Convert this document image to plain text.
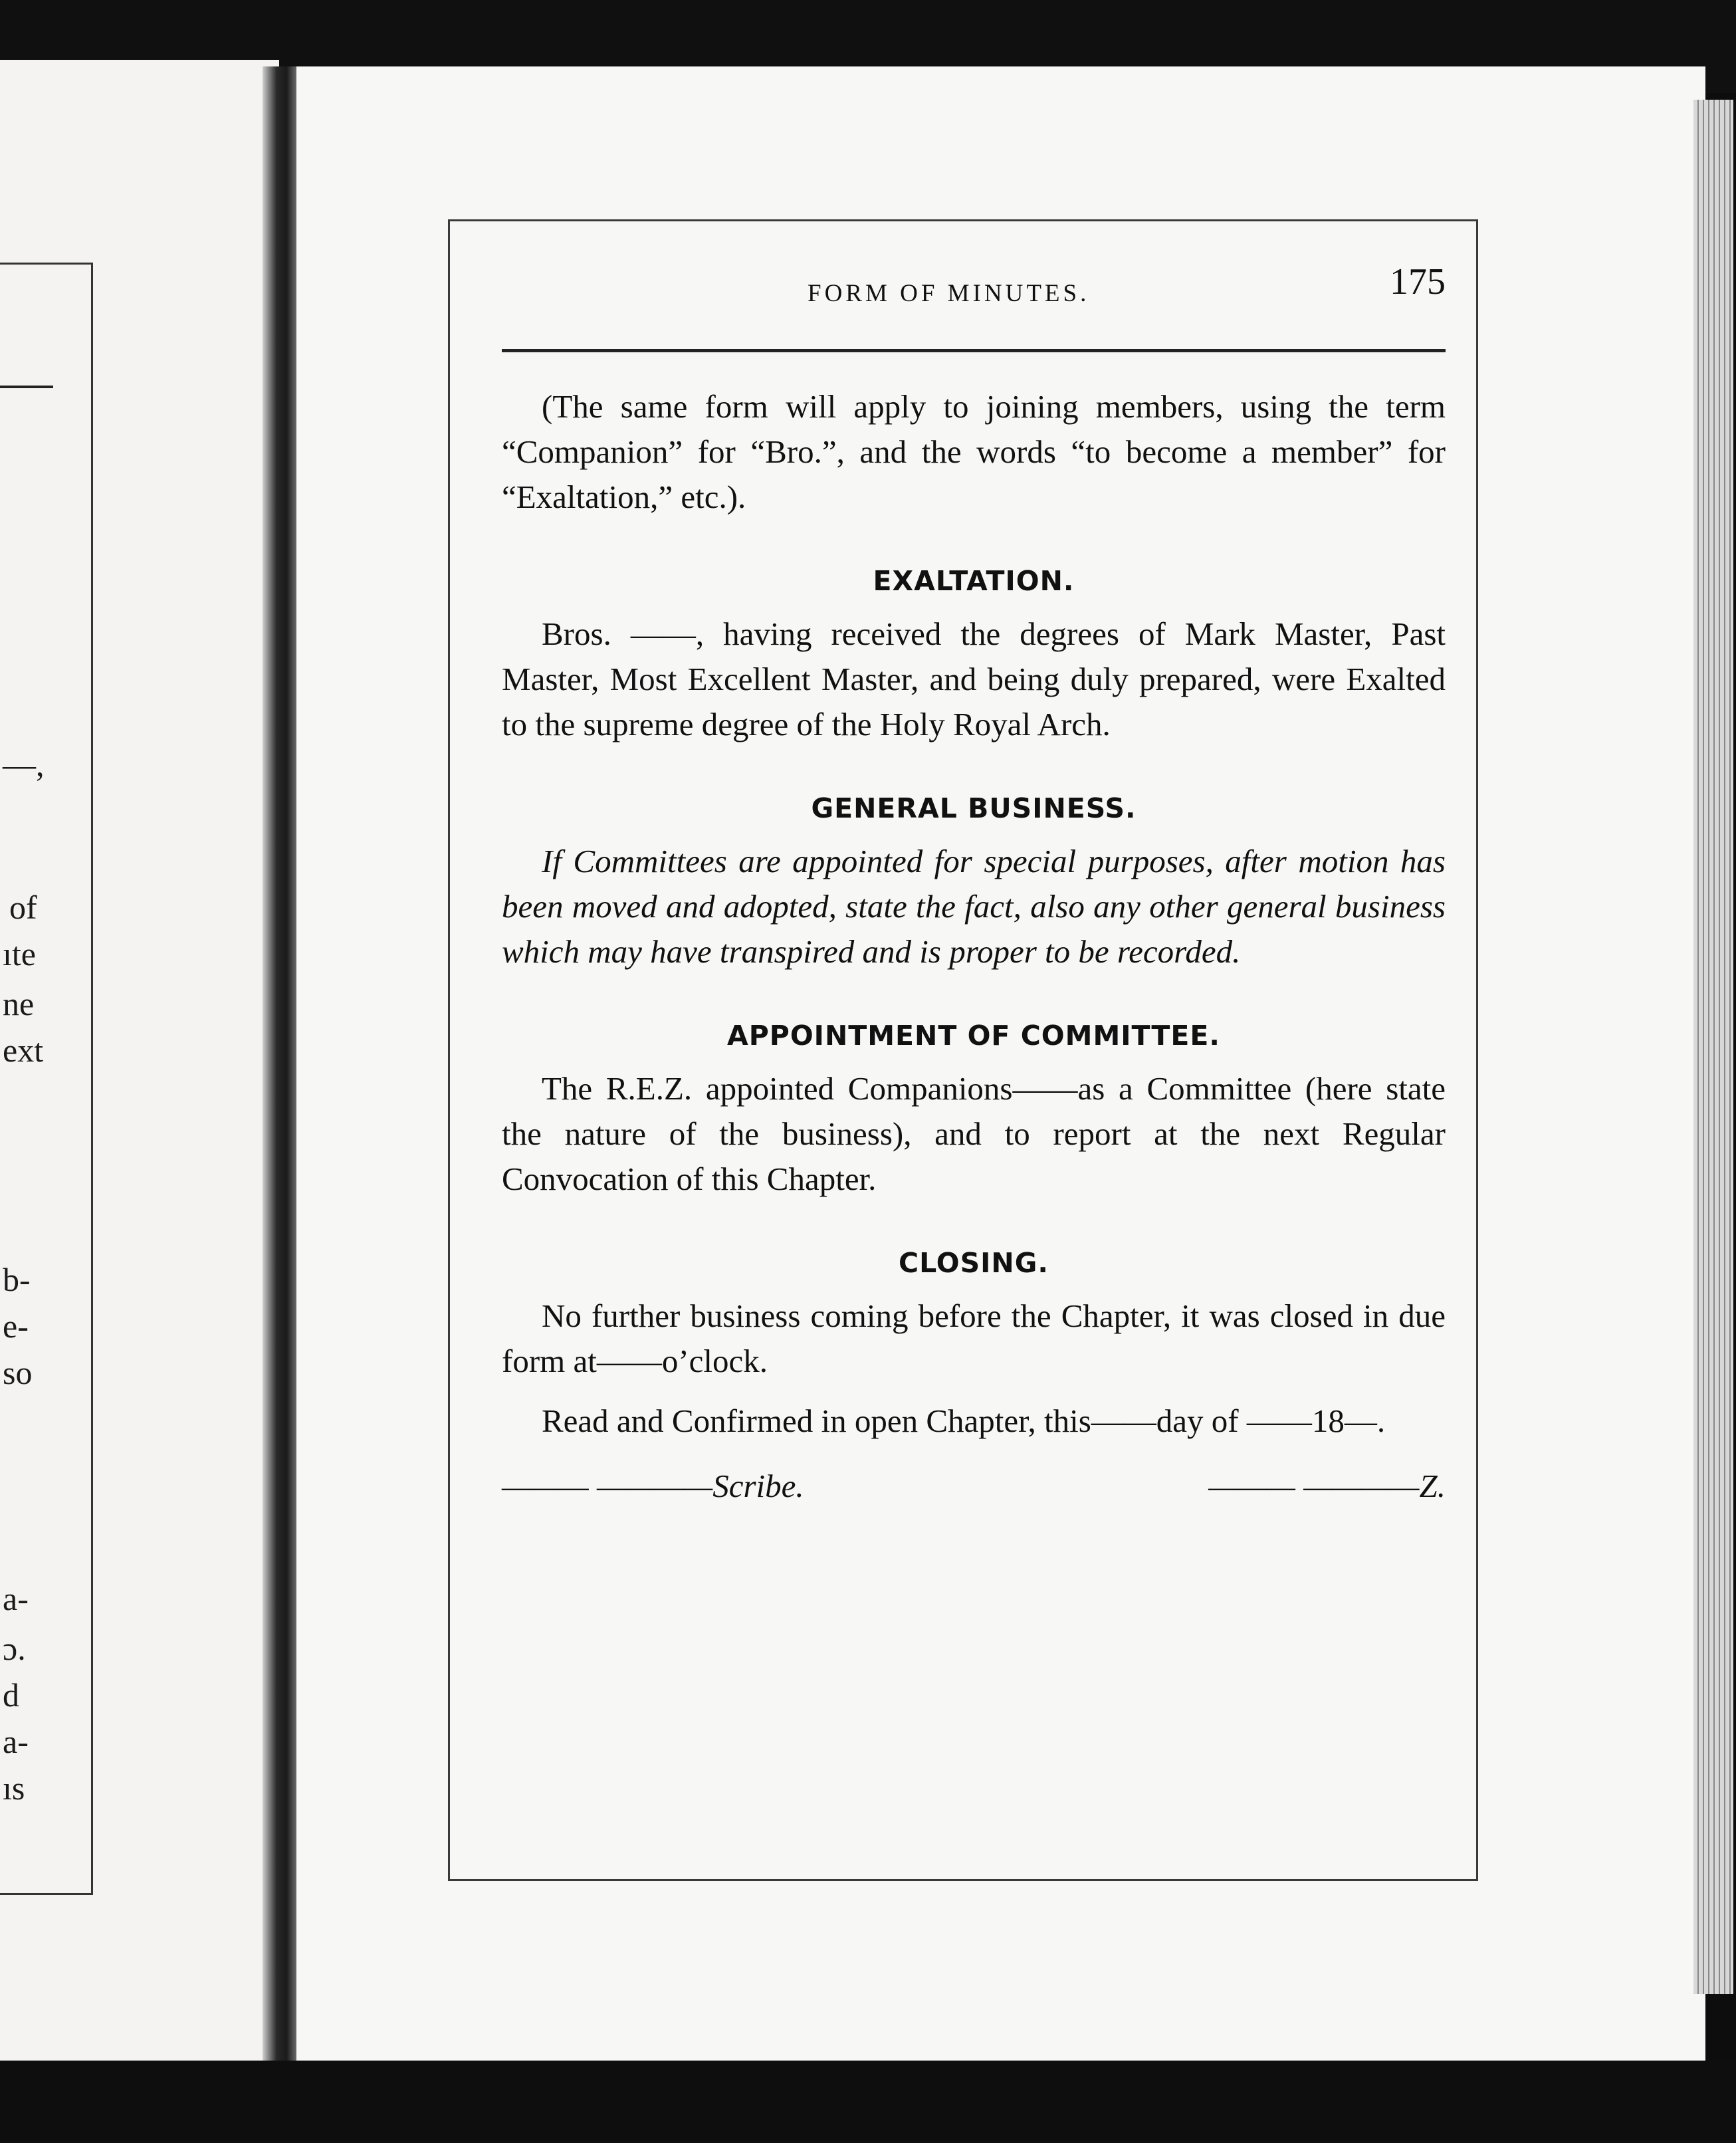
—,
of
ıte
ne
ext
b-
e-
so
a-
ɔ.
d
a-
ıs
FORM OF MINUTES.	175

(The same form will apply to joining members, using the term “Companion” for “Bro.”, and the words “to become a member” for “Exaltation,” etc.).

EXALTATION.

Bros. ——, having received the degrees of Mark Master, Past Master, Most Excellent Master, and being duly prepared, were Exalted to the supreme degree of the Holy Royal Arch.

GENERAL BUSINESS.

If Committees are appointed for special purposes, after motion has been moved and adopted, state the fact, also any other general business which may have transpired and is proper to be recorded.

APPOINTMENT OF COMMITTEE.

The R.E.Z. appointed Companions——as a Committee (here state the nature of the business), and to report at the next Regular Convocation of this Chapter.

CLOSING.

No further business coming before the Chapter, it was closed in due form at——o’clock.

Read and Confirmed in open Chapter, this——day of ——18—.

——— ————Scribe.	——— ————Z.
